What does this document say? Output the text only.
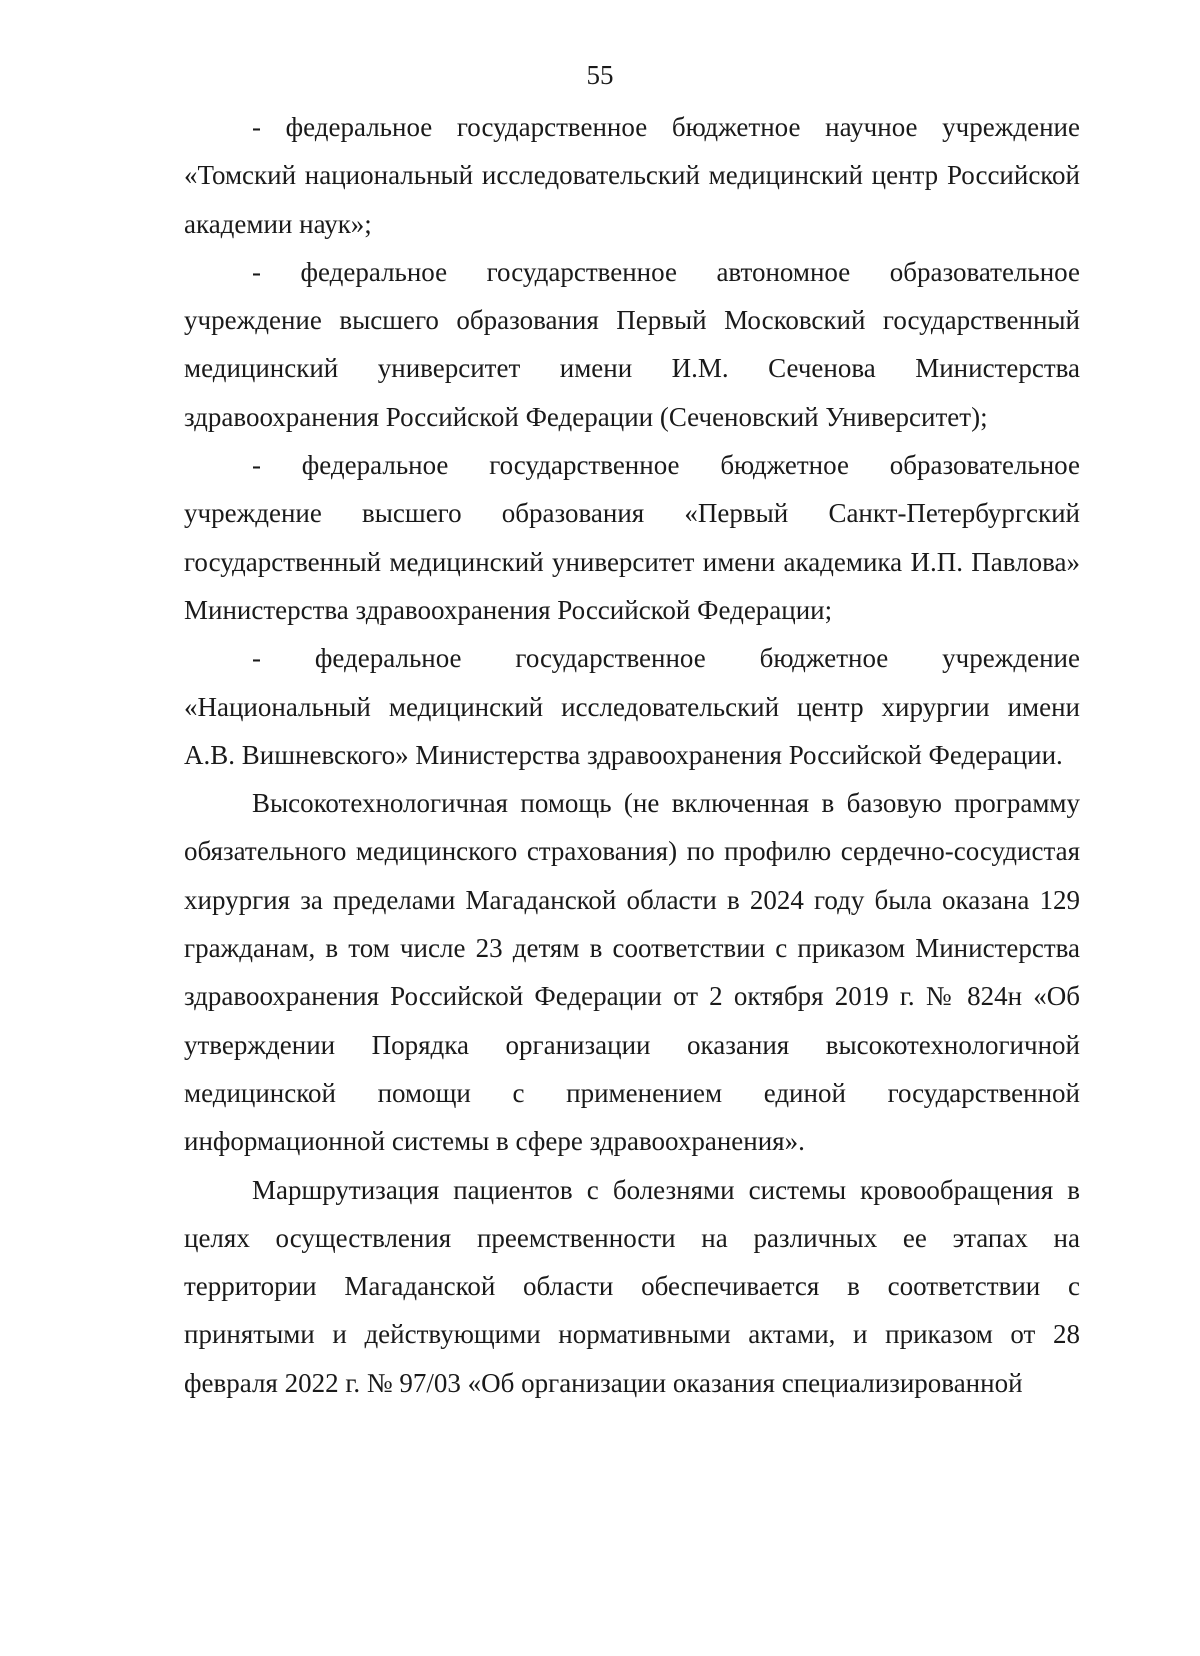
55

- федеральное государственное бюджетное научное учреждение «Томский национальный исследовательский медицинский центр Российской академии наук»;

- федеральное государственное автономное образовательное учреждение высшего образования Первый Московский государственный медицинский университет имени И.М. Сеченова Министерства здравоохранения Российской Федерации (Сеченовский Университет);

- федеральное государственное бюджетное образовательное учреждение высшего образования «Первый Санкт-Петербургский государственный медицинский университет имени академика И.П. Павлова» Министерства здравоохранения Российской Федерации;

- федеральное государственное бюджетное учреждение «Национальный медицинский исследовательский центр хирургии имени А.В. Вишневского» Министерства здравоохранения Российской Федерации.

Высокотехнологичная помощь (не включенная в базовую программу обязательного медицинского страхования) по профилю сердечно-сосудистая хирургия за пределами Магаданской области в 2024 году была оказана 129 гражданам, в том числе 23 детям в соответствии с приказом Министерства здравоохранения Российской Федерации от 2 октября 2019 г. № 824н «Об утверждении Порядка организации оказания высокотехнологичной медицинской помощи с применением единой государственной информационной системы в сфере здравоохранения».

Маршрутизация пациентов с болезнями системы кровообращения в целях осуществления преемственности на различных ее этапах на территории Магаданской области обеспечивается в соответствии с принятыми и действующими нормативными актами, и приказом от 28 февраля 2022 г. № 97/03 «Об организации оказания специализированной
